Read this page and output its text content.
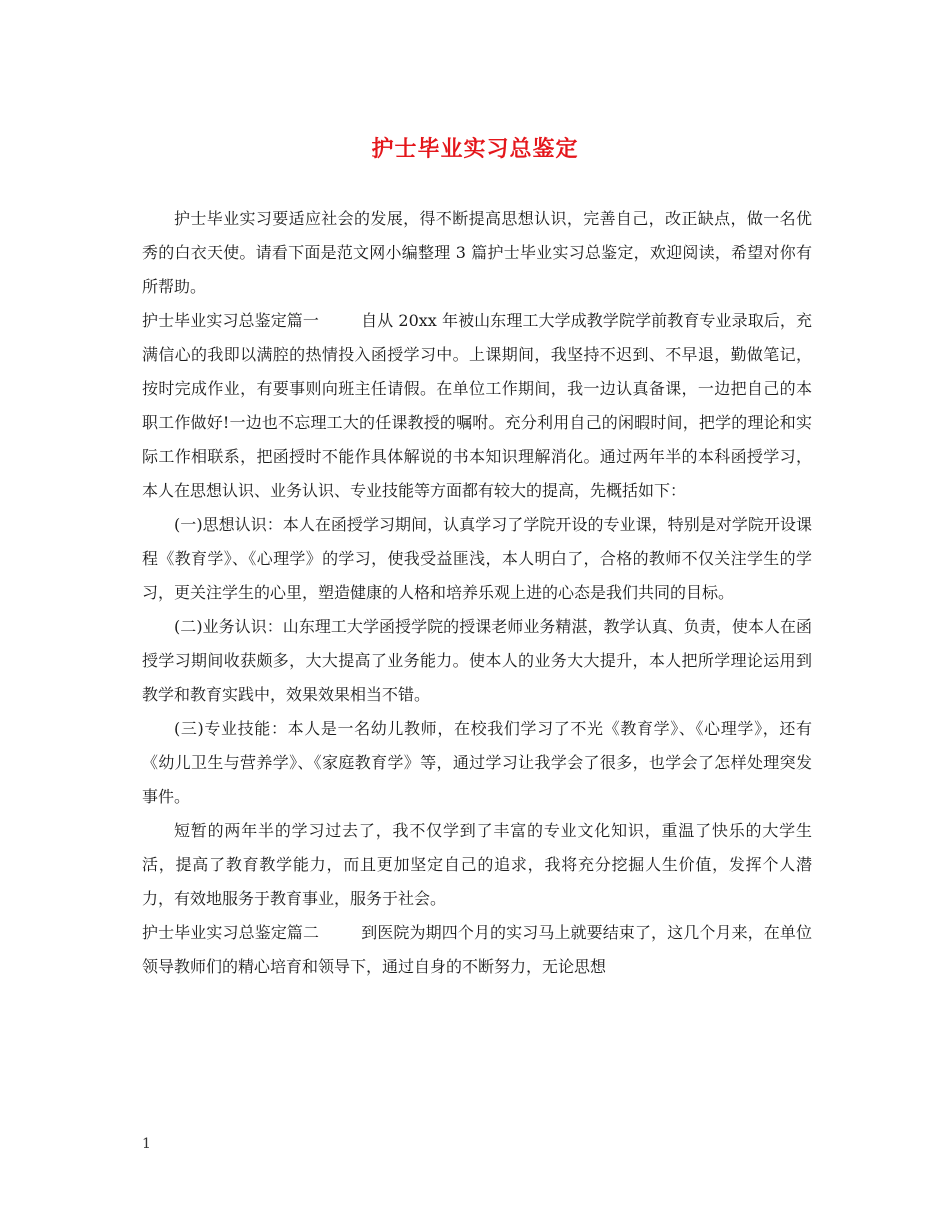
护士毕业实习总鉴定

护士毕业实习要适应社会的发展，得不断提高思想认识，完善自己，改正缺点，做一名优秀的白衣天使。请看下面是范文网小编整理 3 篇护士毕业实习总鉴定，欢迎阅读，希望对你有所帮助。

护士毕业实习总鉴定篇一	自从 20xx 年被山东理工大学成教学院学前教育专业录取后，充满信心的我即以满腔的热情投入函授学习中。上课期间，我坚持不迟到、不早退，勤做笔记，按时完成作业，有要事则向班主任请假。在单位工作期间，我一边认真备课，一边把自己的本职工作做好!一边也不忘理工大的任课教授的嘱咐。充分利用自己的闲暇时间，把学的理论和实际工作相联系，把函授时不能作具体解说的书本知识理解消化。通过两年半的本科函授学习，本人在思想认识、业务认识、专业技能等方面都有较大的提高，先概括如下：

(一)思想认识：本人在函授学习期间，认真学习了学院开设的专业课，特别是对学院开设课程《教育学》、《心理学》的学习，使我受益匪浅，本人明白了，合格的教师不仅关注学生的学习，更关注学生的心里，塑造健康的人格和培养乐观上进的心态是我们共同的目标。

(二)业务认识：山东理工大学函授学院的授课老师业务精湛，教学认真、负责，使本人在函授学习期间收获颇多，大大提高了业务能力。使本人的业务大大提升，本人把所学理论运用到教学和教育实践中，效果效果相当不错。

(三)专业技能：本人是一名幼儿教师，在校我们学习了不光《教育学》、《心理学》，还有《幼儿卫生与营养学》、《家庭教育学》等，通过学习让我学会了很多，也学会了怎样处理突发事件。

短暂的两年半的学习过去了，我不仅学到了丰富的专业文化知识，重温了快乐的大学生活，提高了教育教学能力，而且更加坚定自己的追求，我将充分挖掘人生价值，发挥个人潜力，有效地服务于教育事业，服务于社会。

护士毕业实习总鉴定篇二	到医院为期四个月的实习马上就要结束了，这几个月来，在单位领导教师们的精心培育和领导下，通过自身的不断努力，无论思想

1
